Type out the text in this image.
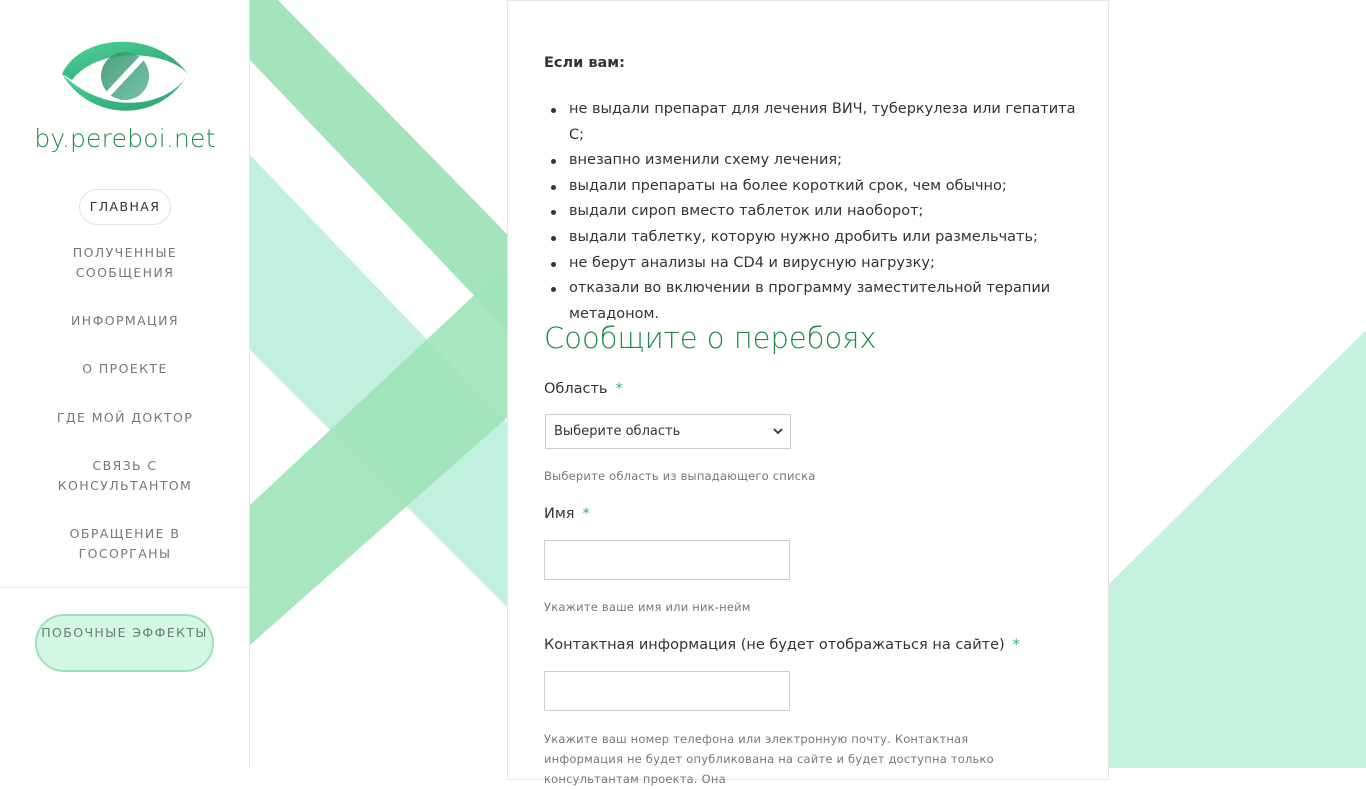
by.pereboi.net
ГЛАВНАЯ
ПОЛУЧЕННЫЕ СООБЩЕНИЯ
ИНФОРМАЦИЯ
О ПРОЕКТЕ
ГДЕ МОЙ ДОКТОР
СВЯЗЬ С КОНСУЛЬТАНТОМ
ОБРАЩЕНИЕ В ГОСОРГАНЫ
ПОБОЧНЫЕ ЭФФЕКТЫ
Если вам:
не выдали препарат для лечения ВИЧ, туберкулеза или гепатита С;
внезапно изменили схему лечения;
выдали препараты на более короткий срок, чем обычно;
выдали сироп вместо таблеток или наоборот;
выдали таблетку, которую нужно дробить или размельчать;
не берут анализы на CD4 и вирусную нагрузку;
отказали во включении в программу заместительной терапии метадоном.
Сообщите о перебоях
Область *
Выберите область
Выберите область из выпадающего списка
Имя *
Укажите ваше имя или ник-нейм
Контактная информация (не будет отображаться на сайте) *
Укажите ваш номер телефона или электронную почту. Контактная информация не будет опубликована на сайте и будет доступна только консультантам проекта. Она
